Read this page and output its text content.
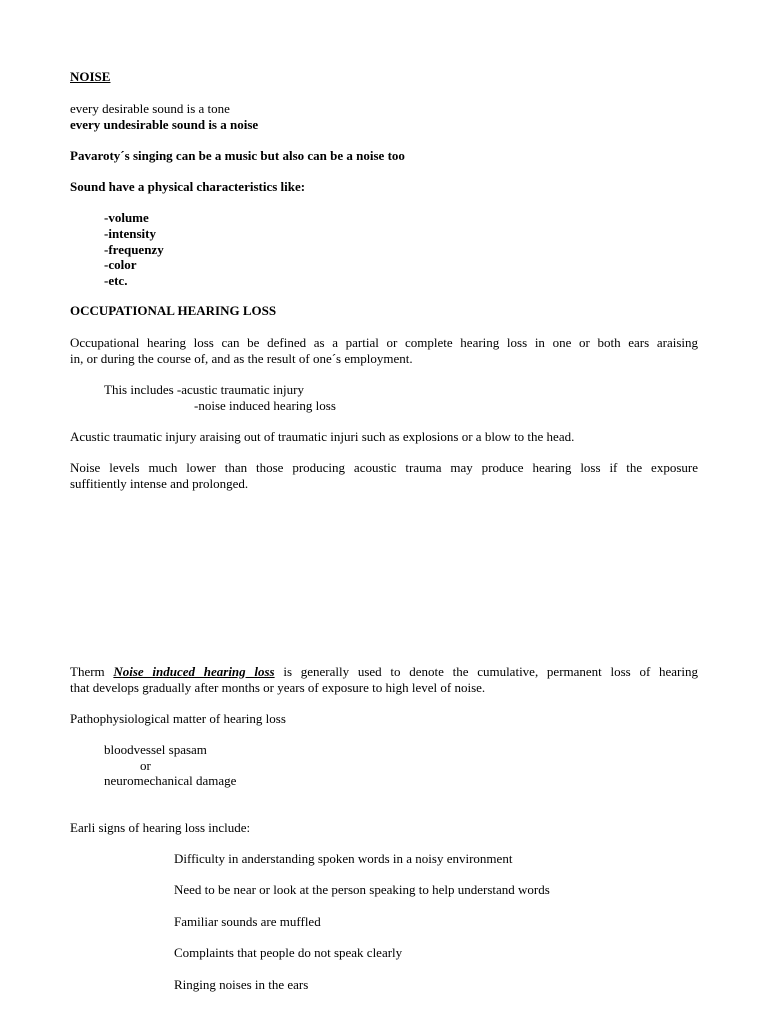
NOISE

every desirable sound is a tone

every undesirable sound is a noise

Pavaroty´s singing can be a music but also can be a noise too

Sound have a physical characteristics like:

-volume

-intensity

-frequenzy

-color

-etc.

OCCUPATIONAL HEARING LOSS

Occupational hearing loss can be defined as a partial or complete hearing loss in one or both ears araising

in, or during the course of, and as the result of one´s employment.

This includes -acustic traumatic injury

-noise induced hearing loss

Acustic traumatic injury araising out of traumatic injuri such as explosions or a blow to the head.

Noise levels much lower than those producing acoustic trauma may produce hearing loss if the exposure

suffitiently intense and prolonged.

Therm Noise induced hearing loss is generally used to denote the cumulative, permanent loss of hearing

that develops gradually after months or years of exposure to high level of noise.

Pathophysiological matter of hearing loss

bloodvessel spasam

or

neuromechanical damage

Earli signs of hearing loss include:

Difficulty in anderstanding spoken words in a noisy environment

Need to be near or look at the person speaking to help understand words

Familiar sounds are muffled

Complaints that people do not speak clearly

Ringing noises in the ears
